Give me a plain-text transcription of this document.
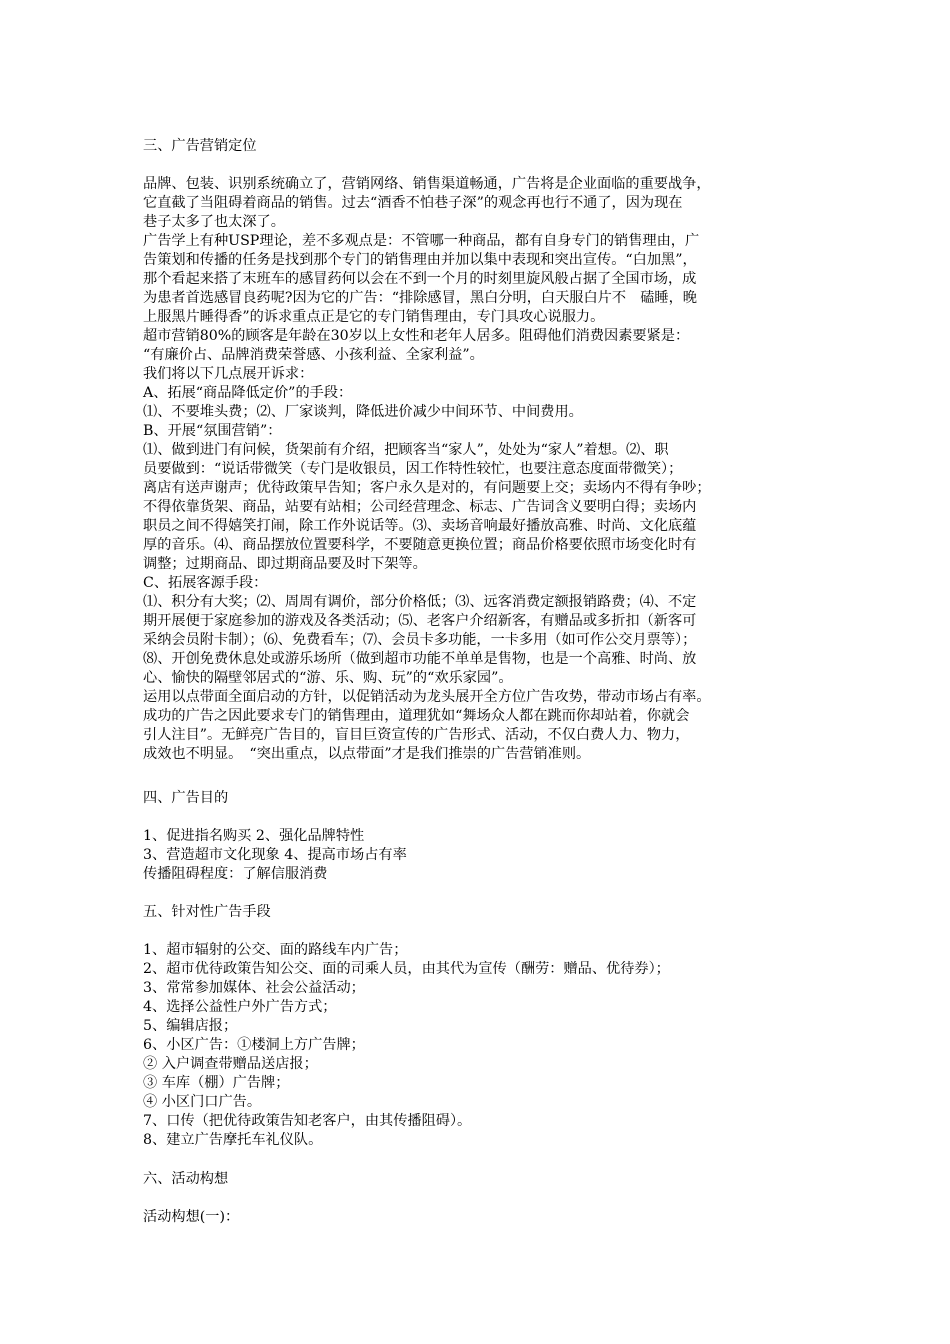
三、广告营销定位
品牌、包装、识别系统确立了，营销网络、销售渠道畅通，广告将是企业面临的重要战争，
它直截了当阻碍着商品的销售。过去“酒香不怕巷子深”的观念再也行不通了，因为现在
巷子太多了也太深了。
广告学上有种USP理论，差不多观点是：不管哪一种商品，都有自身专门的销售理由，广
告策划和传播的任务是找到那个专门的销售理由并加以集中表现和突出宣传。“白加黑”，
那个看起来搭了末班车的感冒药何以会在不到一个月的时刻里旋风般占据了全国市场，成
为患者首选感冒良药呢?因为它的广告：“排除感冒，黑白分明，白天服白片不　磕睡，晚
上服黑片睡得香”的诉求重点正是它的专门销售理由，专门具攻心说服力。
超市营销80%的顾客是年龄在30岁以上女性和老年人居多。阻碍他们消费因素要紧是：
“有廉价占、品牌消费荣誉感、小孩利益、全家利益”。
我们将以下几点展开诉求：
A、拓展“商品降低定价”的手段：
⑴、不要堆头费；⑵、厂家谈判，降低进价减少中间环节、中间费用。
B、开展“氛围营销”：
⑴、做到进门有问候，货架前有介绍，把顾客当“家人”，处处为“家人”着想。⑵、职
员要做到：“说话带微笑（专门是收银员，因工作特性较忙，也要注意态度面带微笑）；
离店有送声谢声；优待政策早告知；客户永久是对的，有问题要上交；卖场内不得有争吵；
不得依靠货架、商品，站要有站相；公司经营理念、标志、广告词含义要明白得；卖场内
职员之间不得嬉笑打闹，除工作外说话等。⑶、卖场音响最好播放高雅、时尚、文化底蕴
厚的音乐。⑷、商品摆放位置要科学，不要随意更换位置；商品价格要依照市场变化时有
调整；过期商品、即过期商品要及时下架等。
C、拓展客源手段：
⑴、积分有大奖；⑵、周周有调价，部分价格低；⑶、远客消费定额报销路费；⑷、不定
期开展便于家庭参加的游戏及各类活动；⑸、老客户介绍新客，有赠品或多折扣（新客可
采纳会员附卡制）；⑹、免费看车；⑺、会员卡多功能，一卡多用（如可作公交月票等）；
⑻、开创免费休息处或游乐场所（做到超市功能不单单是售物，也是一个高雅、时尚、放
心、愉快的隔壁邻居式的“游、乐、购、玩”的“欢乐家园”。
运用以点带面全面启动的方针，以促销活动为龙头展开全方位广告攻势，带动市场占有率。
成功的广告之因此要求专门的销售理由，道理犹如“舞场众人都在跳而你却站着，你就会
引人注目”。无鲜亮广告目的，盲目巨资宣传的广告形式、活动，不仅白费人力、物力，
成效也不明显。　“突出重点，以点带面”才是我们推崇的广告营销准则。
四、广告目的
1、促进指名购买 2、强化品牌特性
3、营造超市文化现象 4、提高市场占有率
传播阻碍程度：了解信服消费
五、针对性广告手段
1、超市辐射的公交、面的路线车内广告；
2、超市优待政策告知公交、面的司乘人员，由其代为宣传（酬劳：赠品、优待券）；
3、常常参加媒体、社会公益活动；
4、选择公益性户外广告方式；
5、编辑店报；
6、小区广告：①楼洞上方广告牌；
② 入户调查带赠品送店报；
③ 车库（棚）广告牌；
④ 小区门口广告。
7、口传（把优待政策告知老客户，由其传播阻碍）。
8、建立广告摩托车礼仪队。
六、活动构想
活动构想(一)：
